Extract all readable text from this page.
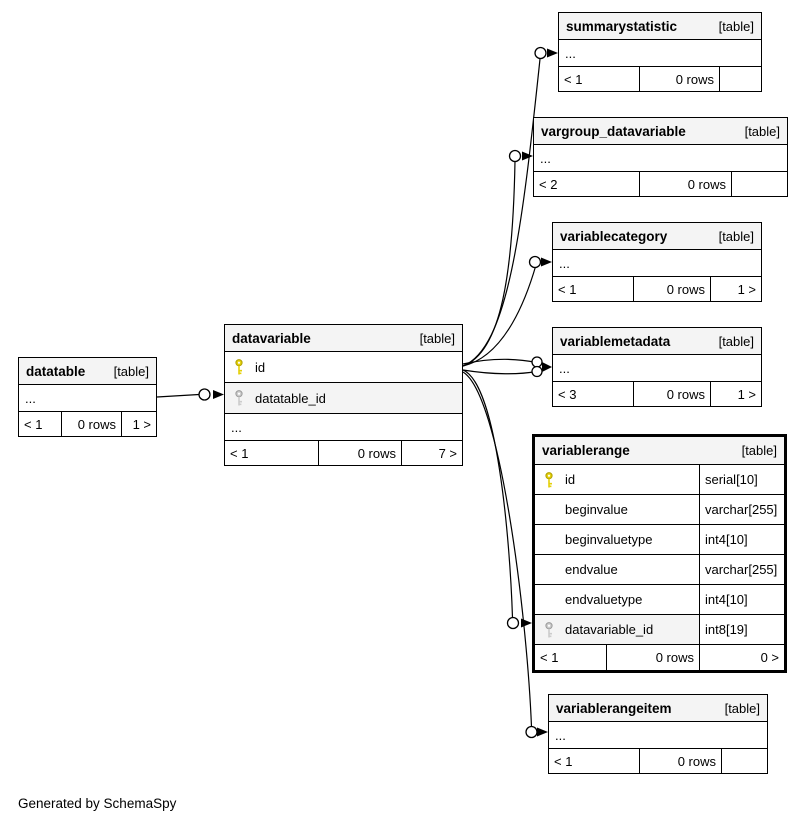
summarystatistic	[table]
...
< 1	0 rows
vargroup_datavariable	[table]
...
< 2	0 rows
variablecategory	[table]
...
< 1	0 rows	1 >
variablemetadata	[table]
...
< 3	0 rows	1 >
variablerange	[table]
id	serial[10]
beginvalue	varchar[255]
beginvaluetype	int4[10]
endvalue	varchar[255]
endvaluetype	int4[10]
datavariable_id	int8[19]
< 1	0 rows	0 >
variablerangeitem	[table]
...
< 1	0 rows
datavariable	[table]
id
datatable_id
...
< 1	0 rows	7 >
datatable [table]
...
< 1	0 rows	1 >
Generated by SchemaSpy
